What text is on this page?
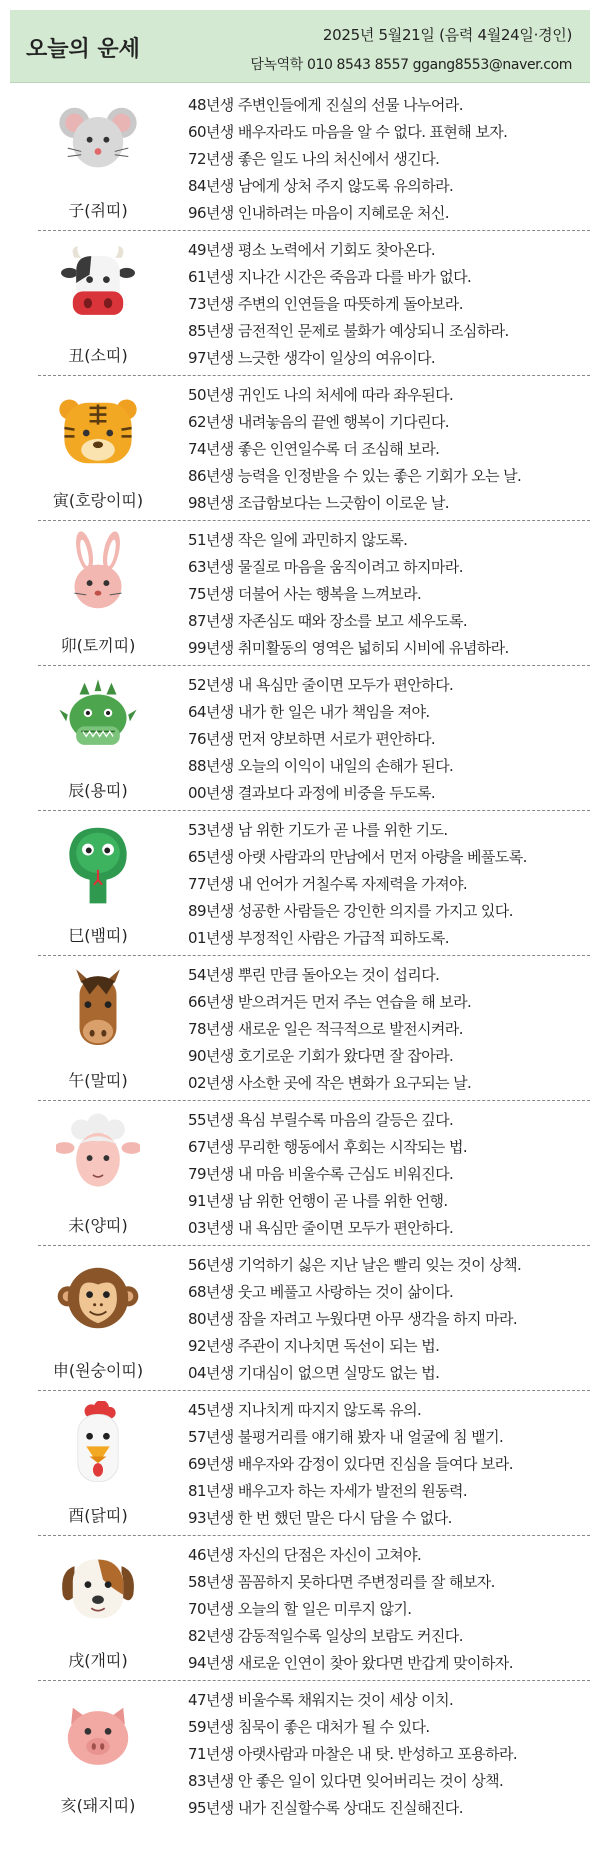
오늘의 운세
2025년 5월21일 (음력 4월24일·경인)
담녹역학 010 8543 8557 ggang8553@naver.com
子(쥐띠)
48년생 주변인들에게 진실의 선물 나누어라.
60년생 배우자라도 마음을 알 수 없다. 표현해 보자.
72년생 좋은 일도 나의 처신에서 생긴다.
84년생 남에게 상처 주지 않도록 유의하라.
96년생 인내하려는 마음이 지혜로운 처신.
丑(소띠)
49년생 평소 노력에서 기회도 찾아온다.
61년생 지나간 시간은 죽음과 다를 바가 없다.
73년생 주변의 인연들을 따뜻하게 돌아보라.
85년생 금전적인 문제로 불화가 예상되니 조심하라.
97년생 느긋한 생각이 일상의 여유이다.
寅(호랑이띠)
50년생 귀인도 나의 처세에 따라 좌우된다.
62년생 내려놓음의 끝엔 행복이 기다린다.
74년생 좋은 인연일수록 더 조심해 보라.
86년생 능력을 인정받을 수 있는 좋은 기회가 오는 날.
98년생 조급함보다는 느긋함이 이로운 날.
卯(토끼띠)
51년생 작은 일에 과민하지 않도록.
63년생 물질로 마음을 움직이려고 하지마라.
75년생 더불어 사는 행복을 느껴보라.
87년생 자존심도 때와 장소를 보고 세우도록.
99년생 취미활동의 영역은 넓히되 시비에 유념하라.
辰(용띠)
52년생 내 욕심만 줄이면 모두가 편안하다.
64년생 내가 한 일은 내가 책임을 져야.
76년생 먼저 양보하면 서로가 편안하다.
88년생 오늘의 이익이 내일의 손해가 된다.
00년생 결과보다 과정에 비중을 두도록.
巳(뱀띠)
53년생 남 위한 기도가 곧 나를 위한 기도.
65년생 아랫 사람과의 만남에서 먼저 아량을 베풀도록.
77년생 내 언어가 거칠수록 자제력을 가져야.
89년생 성공한 사람들은 강인한 의지를 가지고 있다.
01년생 부정적인 사람은 가급적 피하도록.
午(말띠)
54년생 뿌린 만큼 돌아오는 것이 섭리다.
66년생 받으려거든 먼저 주는 연습을 해 보라.
78년생 새로운 일은 적극적으로 발전시켜라.
90년생 호기로운 기회가 왔다면 잘 잡아라.
02년생 사소한 곳에 작은 변화가 요구되는 날.
未(양띠)
55년생 욕심 부릴수록 마음의 갈등은 깊다.
67년생 무리한 행동에서 후회는 시작되는 법.
79년생 내 마음 비울수록 근심도 비워진다.
91년생 남 위한 언행이 곧 나를 위한 언행.
03년생 내 욕심만 줄이면 모두가 편안하다.
申(원숭이띠)
56년생 기억하기 싫은 지난 날은 빨리 잊는 것이 상책.
68년생 웃고 베풀고 사랑하는 것이 삶이다.
80년생 잠을 자려고 누웠다면 아무 생각을 하지 마라.
92년생 주관이 지나치면 독선이 되는 법.
04년생 기대심이 없으면 실망도 없는 법.
酉(닭띠)
45년생 지나치게 따지지 않도록 유의.
57년생 불평거리를 얘기해 봤자 내 얼굴에 침 뱉기.
69년생 배우자와 감정이 있다면 진심을 들여다 보라.
81년생 배우고자 하는 자세가 발전의 원동력.
93년생 한 번 했던 말은 다시 담을 수 없다.
戌(개띠)
46년생 자신의 단점은 자신이 고쳐야.
58년생 꼼꼼하지 못하다면 주변정리를 잘 해보자.
70년생 오늘의 할 일은 미루지 않기.
82년생 감동적일수록 일상의 보람도 커진다.
94년생 새로운 인연이 찾아 왔다면 반갑게 맞이하자.
亥(돼지띠)
47년생 비울수록 채워지는 것이 세상 이치.
59년생 침묵이 좋은 대처가 될 수 있다.
71년생 아랫사람과 마찰은 내 탓. 반성하고 포용하라.
83년생 안 좋은 일이 있다면 잊어버리는 것이 상책.
95년생 내가 진실할수록 상대도 진실해진다.
